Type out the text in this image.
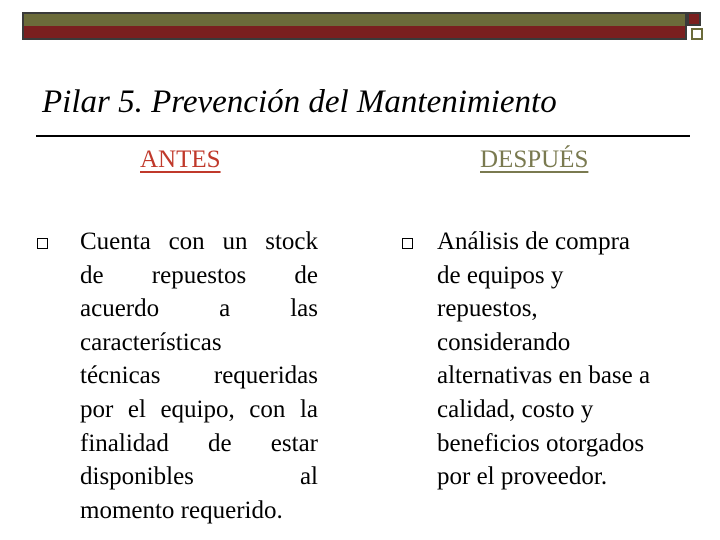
Pilar 5. Prevención del Mantenimiento
ANTES	DESPUÉS

Cuenta con un stock
de repuestos de
acuerdo a las
características
técnicas requeridas
por el equipo, con la
finalidad de estar
disponibles al
momento requerido.

Análisis de compra
de equipos y
repuestos,
considerando
alternativas en base a
calidad, costo y
beneficios otorgados
por el proveedor.
